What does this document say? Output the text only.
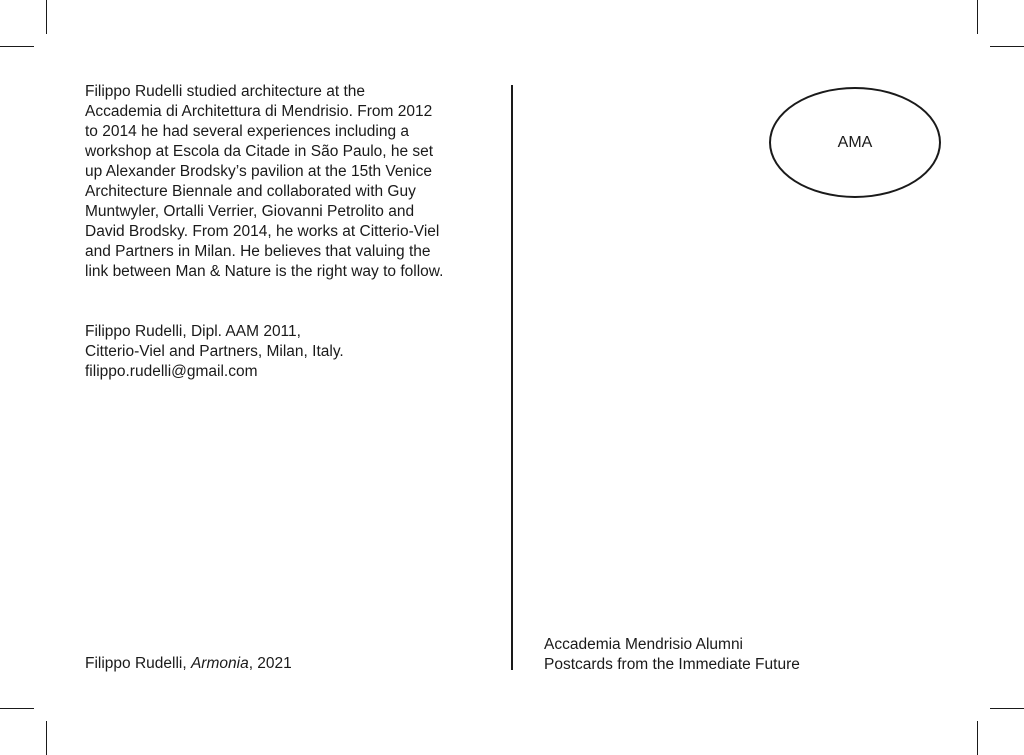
Filippo Rudelli studied architecture at the
Accademia di Architettura di Mendrisio. From 2012
to 2014 he had several experiences including a
workshop at Escola da Citade in São Paulo, he set
up Alexander Brodsky’s pavilion at the 15th Venice
Architecture Biennale and collaborated with Guy
Muntwyler, Ortalli Verrier, Giovanni Petrolito and
David Brodsky. From 2014, he works at Citterio-Viel
and Partners in Milan. He believes that valuing the
link between Man & Nature is the right way to follow.
Filippo Rudelli, Dipl. AAM 2011,
Citterio-Viel and Partners, Milan, Italy.
filippo.rudelli@gmail.com
Filippo Rudelli, Armonia, 2021
AMA
Accademia Mendrisio Alumni
Postcards from the Immediate Future
